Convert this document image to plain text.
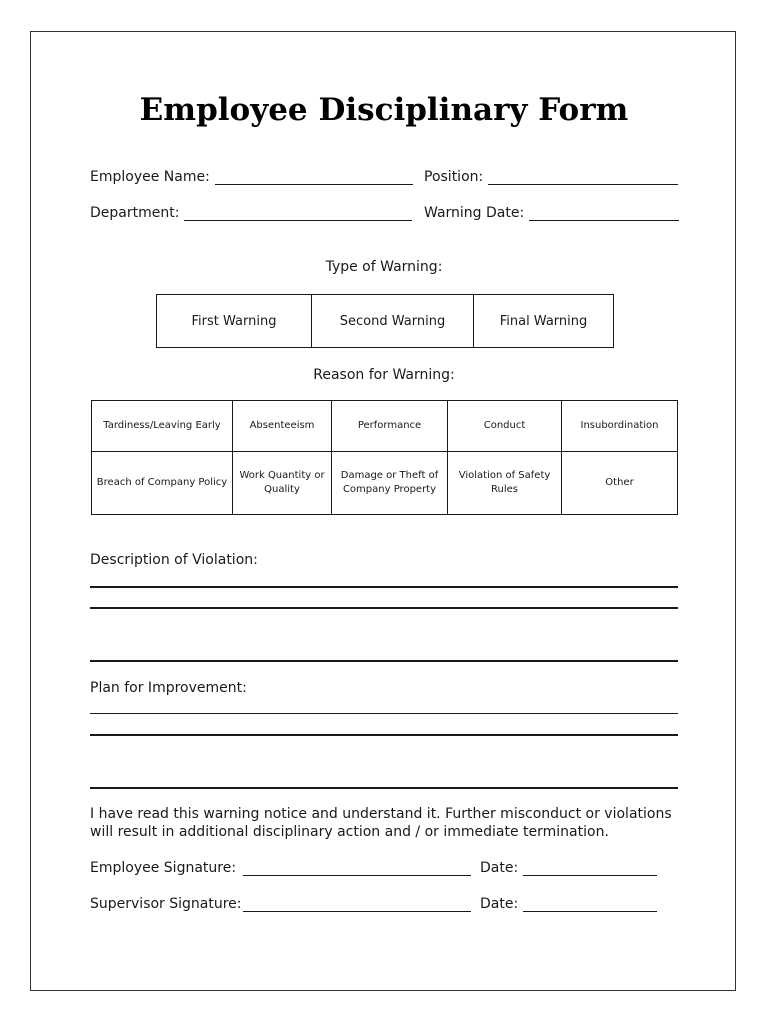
Employee Disciplinary Form
Employee Name:	Position:
Department:	Warning Date:
Type of Warning:
First Warning	Second Warning	Final Warning
Reason for Warning:
Tardiness/Leaving Early	Absenteeism	Performance	Conduct	Insubordination
Breach of Company Policy	Work Quantity or Quality	Damage or Theft of Company Property	Violation of Safety Rules	Other
Description of Violation:
Plan for Improvement:
I have read this warning notice and understand it. Further misconduct or violations will result in additional disciplinary action and / or immediate termination.
Employee Signature:	Date:
Supervisor Signature:	Date:
